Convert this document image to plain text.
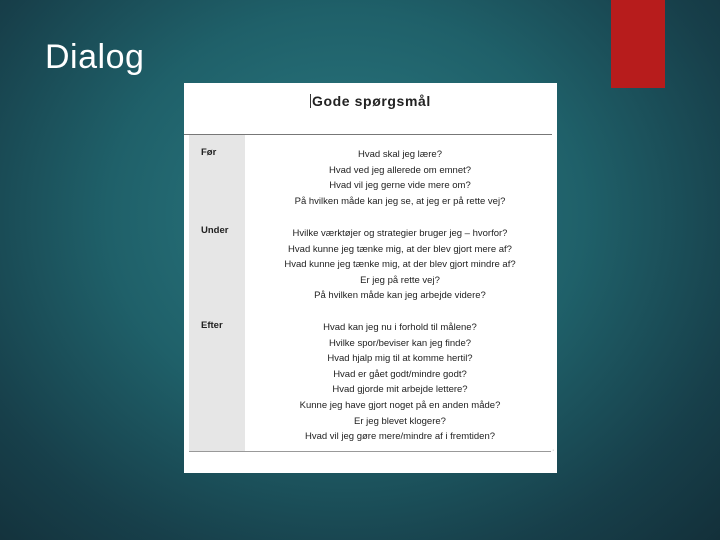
Dialog
Gode spørgsmål
·
Før	Hvad skal jeg lære?
Hvad ved jeg allerede om emnet?
Hvad vil jeg gerne vide mere om?
På hvilken måde kan jeg se, at jeg er på rette vej?
Under	Hvilke værktøjer og strategier bruger jeg – hvorfor?
Hvad kunne jeg tænke mig, at der blev gjort mere af?
Hvad kunne jeg tænke mig, at der blev gjort mindre af?
Er jeg på rette vej?
På hvilken måde kan jeg arbejde videre?
Efter	Hvad kan jeg nu i forhold til målene?
Hvilke spor/beviser kan jeg finde?
Hvad hjalp mig til at komme hertil?
Hvad er gået godt/mindre godt?
Hvad gjorde mit arbejde lettere?
Kunne jeg have gjort noget på en anden måde?
Er jeg blevet klogere?
Hvad vil jeg gøre mere/mindre af i fremtiden?
